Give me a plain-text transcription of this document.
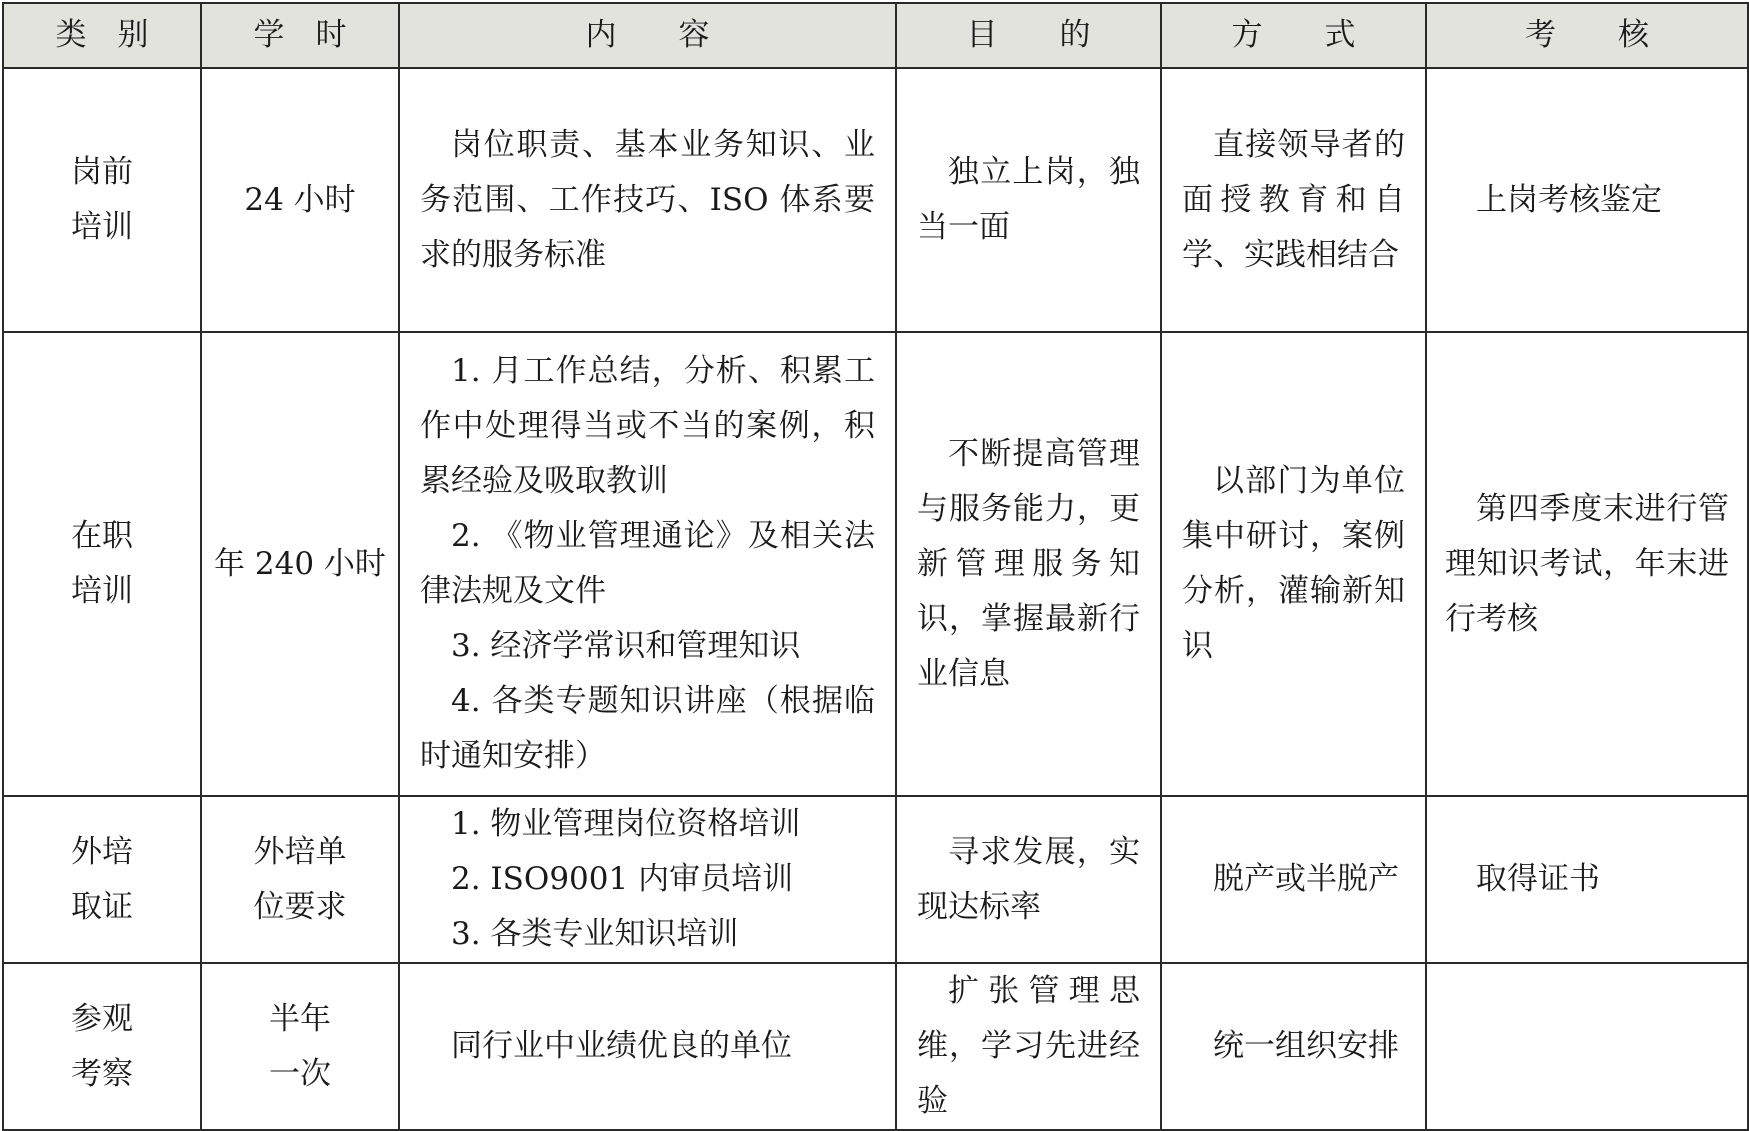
类　别	学　时	内　　容	目　　的	方　　式	考　　核

岗前
培训	24 小时	岗位职责、基本业务知识、业务范围、工作技巧、ISO 体系要求的服务标准	独立上岗，独当一面	直接领导者的面授教育和自学、实践相结合	上岗考核鉴定

在职
培训	年 240 小时	1. 月工作总结，分析、积累工作中处理得当或不当的案例，积累经验及吸取教训
2. 《物业管理通论》及相关法律法规及文件
3. 经济学常识和管理知识
4. 各类专题知识讲座（根据临时通知安排）	不断提高管理与服务能力，更新管理服务知识，掌握最新行业信息	以部门为单位集中研讨，案例分析，灌输新知识	第四季度末进行管理知识考试，年末进行考核

外培
取证	外培单
位要求	1. 物业管理岗位资格培训
2. ISO9001 内审员培训
3. 各类专业知识培训	寻求发展，实现达标率	脱产或半脱产	取得证书

参观
考察	半年
一次	同行业中业绩优良的单位	扩张管理思维，学习先进经验	统一组织安排	
